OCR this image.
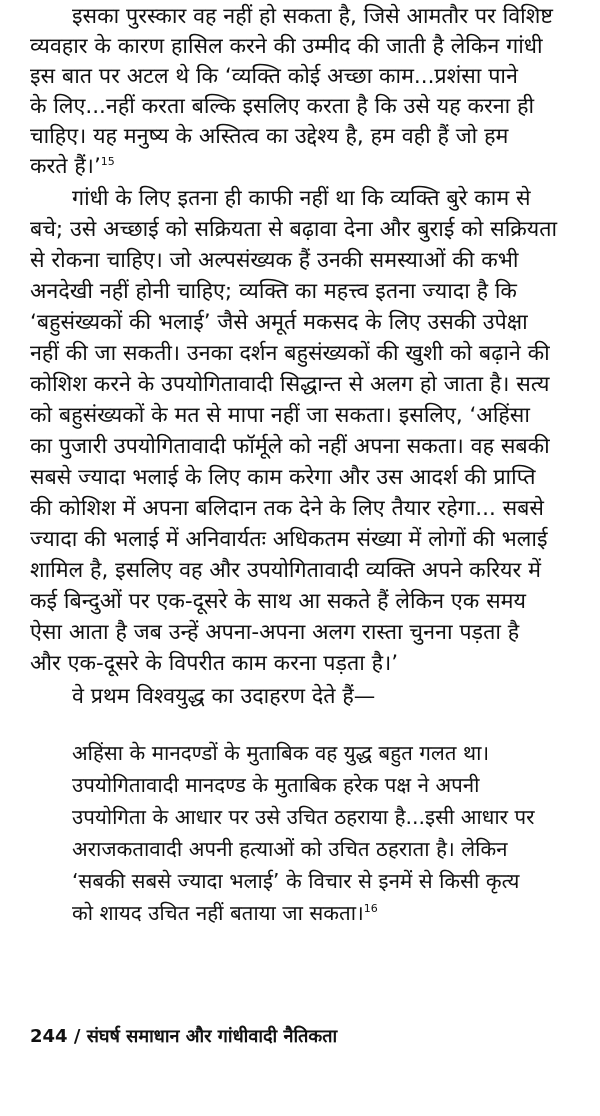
इसका पुरस्कार वह नहीं हो सकता है, जिसे आमतौर पर विशिष्ट

व्यवहार के कारण हासिल करने की उम्मीद की जाती है लेकिन गांधी

इस बात पर अटल थे कि ‘व्यक्ति कोई अच्छा काम...प्रशंसा पाने

के लिए...नहीं करता बल्कि इसलिए करता है कि उसे यह करना ही

चाहिए। यह मनुष्य के अस्तित्व का उद्देश्य है, हम वही हैं जो हम

करते हैं।’$^{15}$

गांधी के लिए इतना ही काफी नहीं था कि व्यक्ति बुरे काम से

बचे; उसे अच्छाई को सक्रियता से बढ़ावा देना और बुराई को सक्रियता

से रोकना चाहिए। जो अल्पसंख्यक हैं उनकी समस्याओं की कभी

अनदेखी नहीं होनी चाहिए; व्यक्ति का महत्त्व इतना ज्यादा है कि

‘बहुसंख्यकों की भलाई’ जैसे अमूर्त मकसद के लिए उसकी उपेक्षा

नहीं की जा सकती। उनका दर्शन बहुसंख्यकों की खुशी को बढ़ाने की

कोशिश करने के उपयोगितावादी सिद्धान्त से अलग हो जाता है। सत्य

को बहुसंख्यकों के मत से मापा नहीं जा सकता। इसलिए, ‘अहिंसा

का पुजारी उपयोगितावादी फॉर्मूले को नहीं अपना सकता। वह सबकी

सबसे ज्यादा भलाई के लिए काम करेगा और उस आदर्श की प्राप्ति

की कोशिश में अपना बलिदान तक देने के लिए तैयार रहेगा... सबसे

ज्यादा की भलाई में अनिवार्यतः अधिकतम संख्या में लोगों की भलाई

शामिल है, इसलिए वह और उपयोगितावादी व्यक्ति अपने करियर में

कई बिन्दुओं पर एक-दूसरे के साथ आ सकते हैं लेकिन एक समय

ऐसा आता है जब उन्हें अपना-अपना अलग रास्ता चुनना पड़ता है

और एक-दूसरे के विपरीत काम करना पड़ता है।’

वे प्रथम विश्वयुद्ध का उदाहरण देते हैं—

अहिंसा के मानदण्डों के मुताबिक वह युद्ध बहुत गलत था।

उपयोगितावादी मानदण्ड के मुताबिक हरेक पक्ष ने अपनी

उपयोगिता के आधार पर उसे उचित ठहराया है...इसी आधार पर

अराजकतावादी अपनी हत्याओं को उचित ठहराता है। लेकिन

‘सबकी सबसे ज्यादा भलाई’ के विचार से इनमें से किसी कृत्य

को शायद उचित नहीं बताया जा सकता।$^{16}$

244 / संघर्ष समाधान और गांधीवादी नैतिकता
